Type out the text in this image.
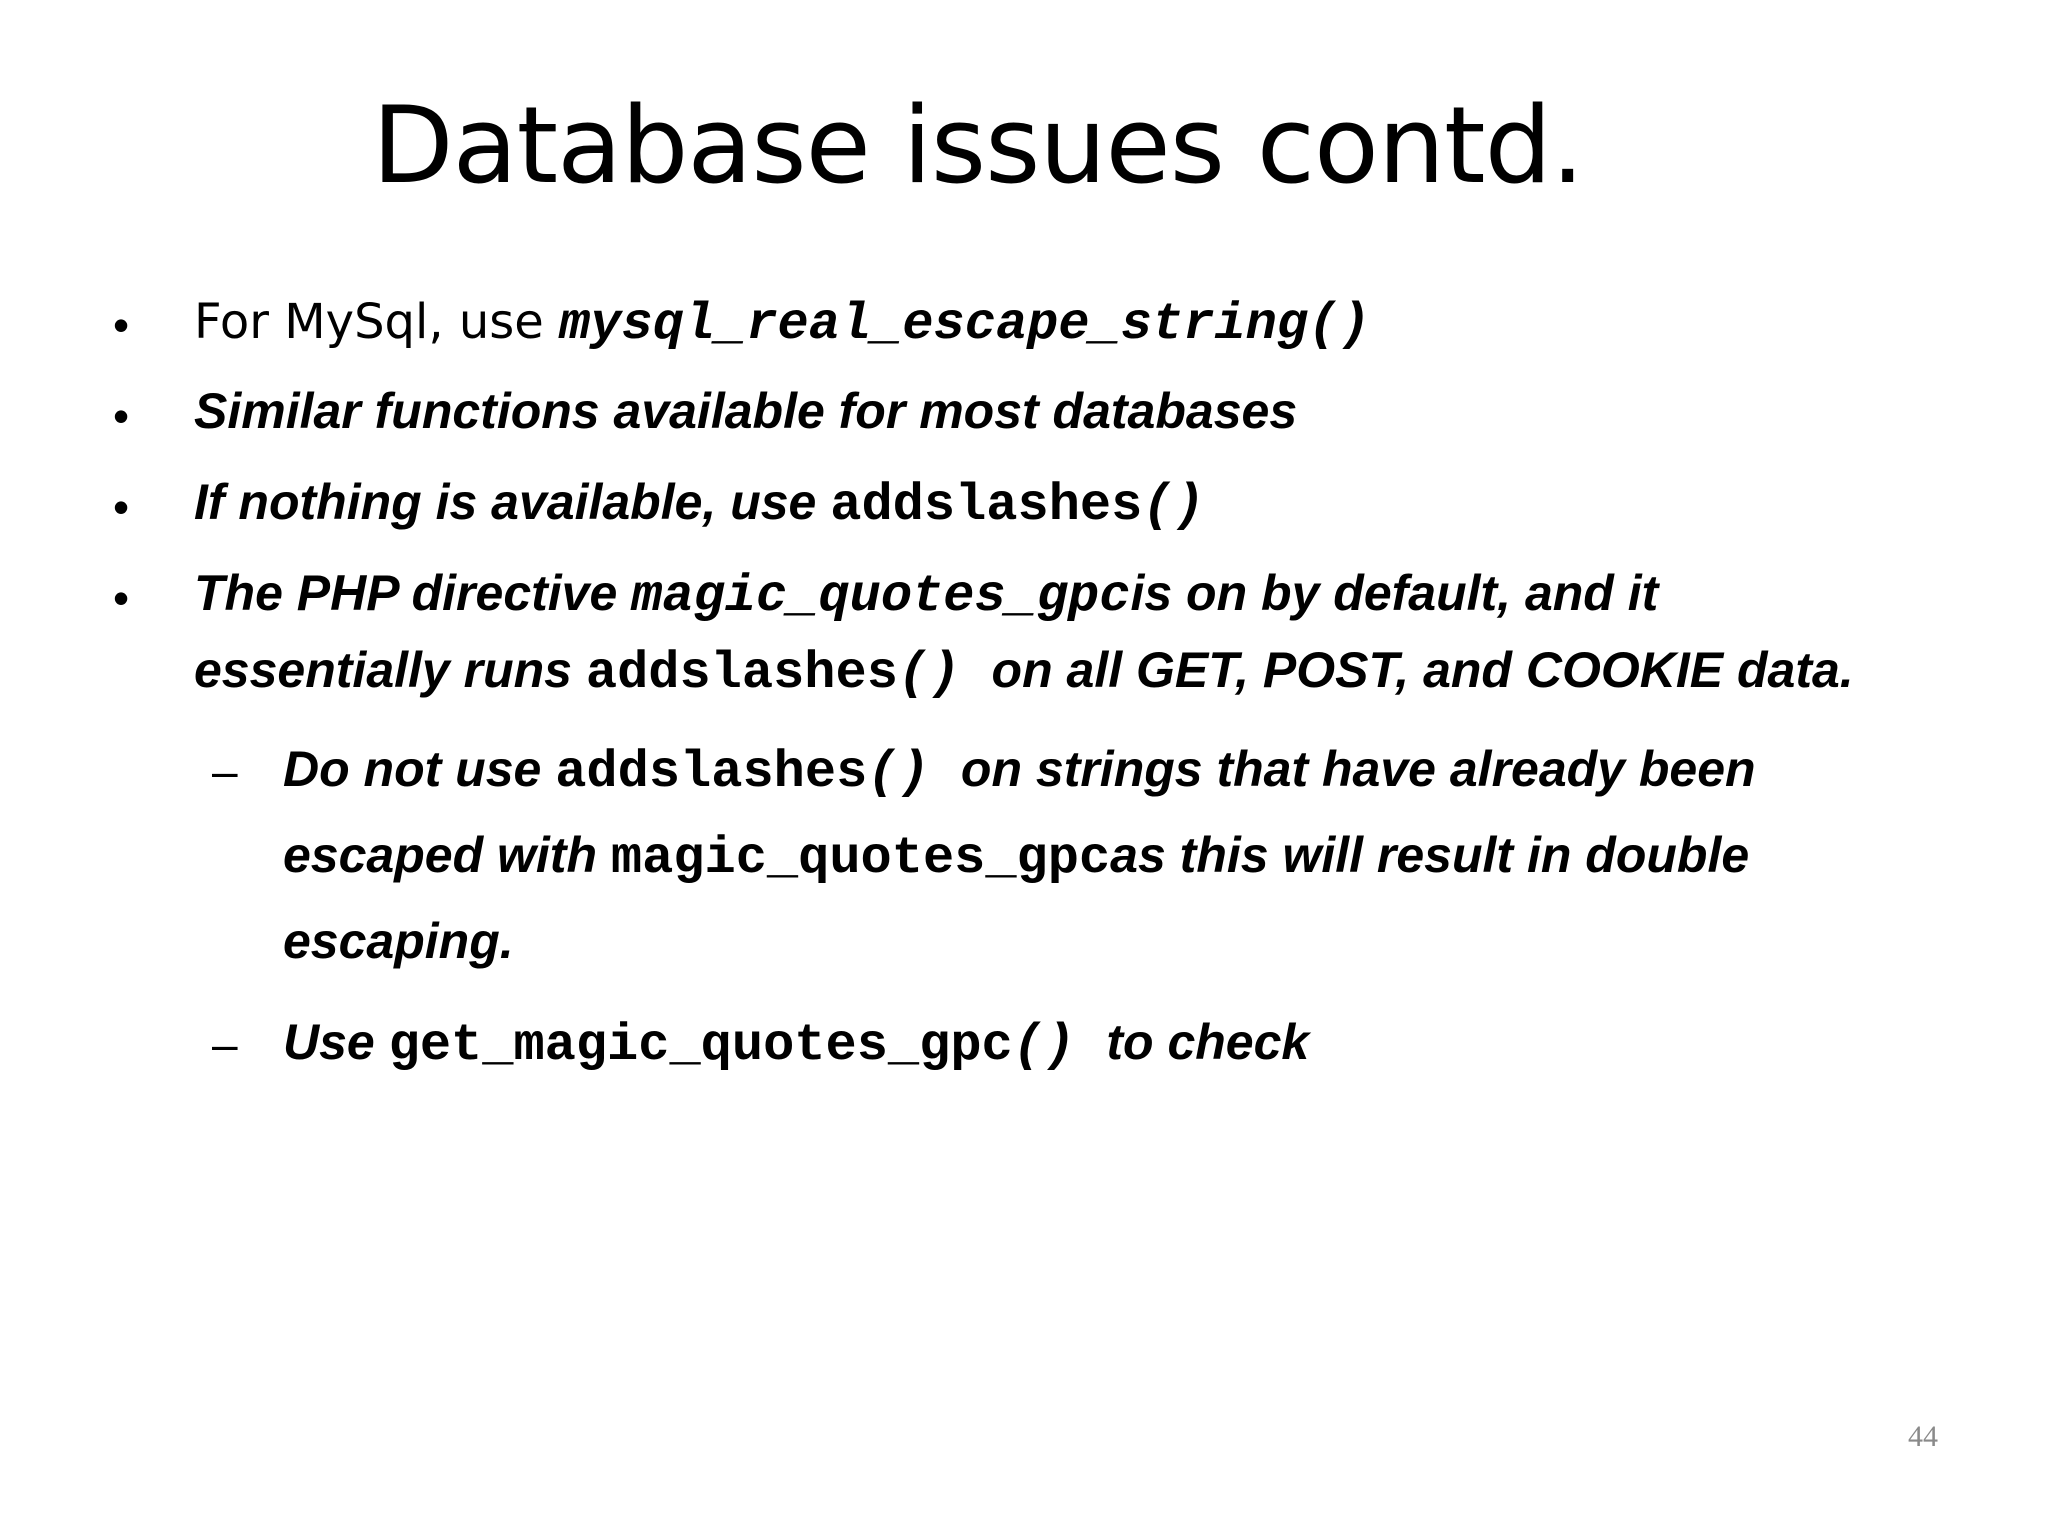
Database issues contd.
• For MySql, use mysql_real_escape_string()
• Similar functions available for most databases
• If nothing is available, use addslashes()
• The PHP directive magic_quotes_gpcis on by default, and it
essentially runs addslashes() on all GET, POST, and COOKIE data.
– Do not use addslashes() on strings that have already been
escaped with magic_quotes_gpcas this will result in double
escaping.
– Use get_magic_quotes_gpc() to check
44
